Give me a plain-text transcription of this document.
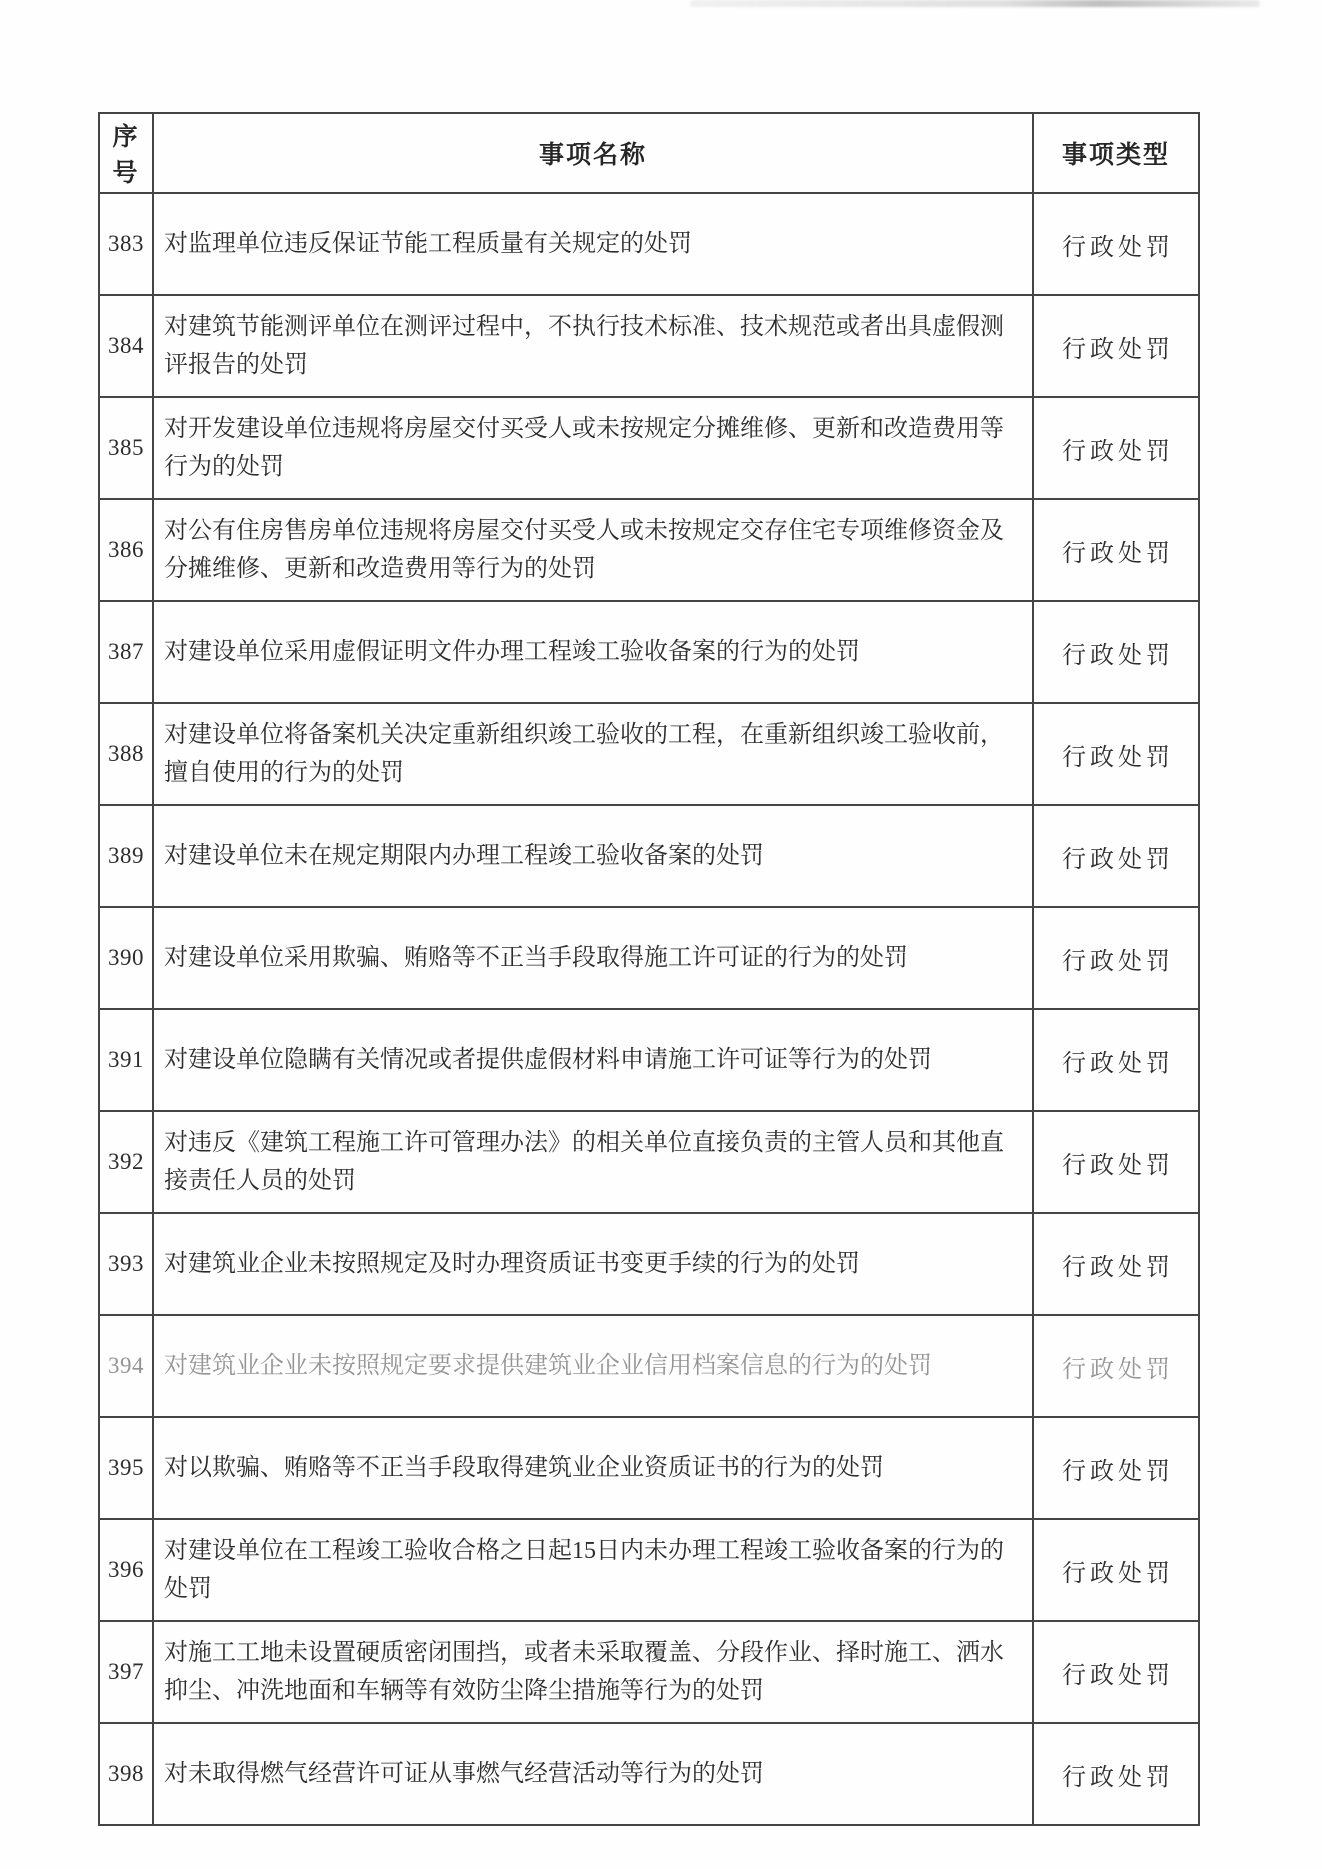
序号	事项名称	事项类型
383	对监理单位违反保证节能工程质量有关规定的处罚	行政处罚
384	对建筑节能测评单位在测评过程中，不执行技术标准、技术规范或者出具虚假测评报告的处罚	行政处罚
385	对开发建设单位违规将房屋交付买受人或未按规定分摊维修、更新和改造费用等行为的处罚	行政处罚
386	对公有住房售房单位违规将房屋交付买受人或未按规定交存住宅专项维修资金及分摊维修、更新和改造费用等行为的处罚	行政处罚
387	对建设单位采用虚假证明文件办理工程竣工验收备案的行为的处罚	行政处罚
388	对建设单位将备案机关决定重新组织竣工验收的工程，在重新组织竣工验收前，擅自使用的行为的处罚	行政处罚
389	对建设单位未在规定期限内办理工程竣工验收备案的处罚	行政处罚
390	对建设单位采用欺骗、贿赂等不正当手段取得施工许可证的行为的处罚	行政处罚
391	对建设单位隐瞒有关情况或者提供虚假材料申请施工许可证等行为的处罚	行政处罚
392	对违反《建筑工程施工许可管理办法》的相关单位直接负责的主管人员和其他直接责任人员的处罚	行政处罚
393	对建筑业企业未按照规定及时办理资质证书变更手续的行为的处罚	行政处罚
394	对建筑业企业未按照规定要求提供建筑业企业信用档案信息的行为的处罚	行政处罚
395	对以欺骗、贿赂等不正当手段取得建筑业企业资质证书的行为的处罚	行政处罚
396	对建设单位在工程竣工验收合格之日起15日内未办理工程竣工验收备案的行为的处罚	行政处罚
397	对施工工地未设置硬质密闭围挡，或者未采取覆盖、分段作业、择时施工、洒水抑尘、冲洗地面和车辆等有效防尘降尘措施等行为的处罚	行政处罚
398	对未取得燃气经营许可证从事燃气经营活动等行为的处罚	行政处罚
